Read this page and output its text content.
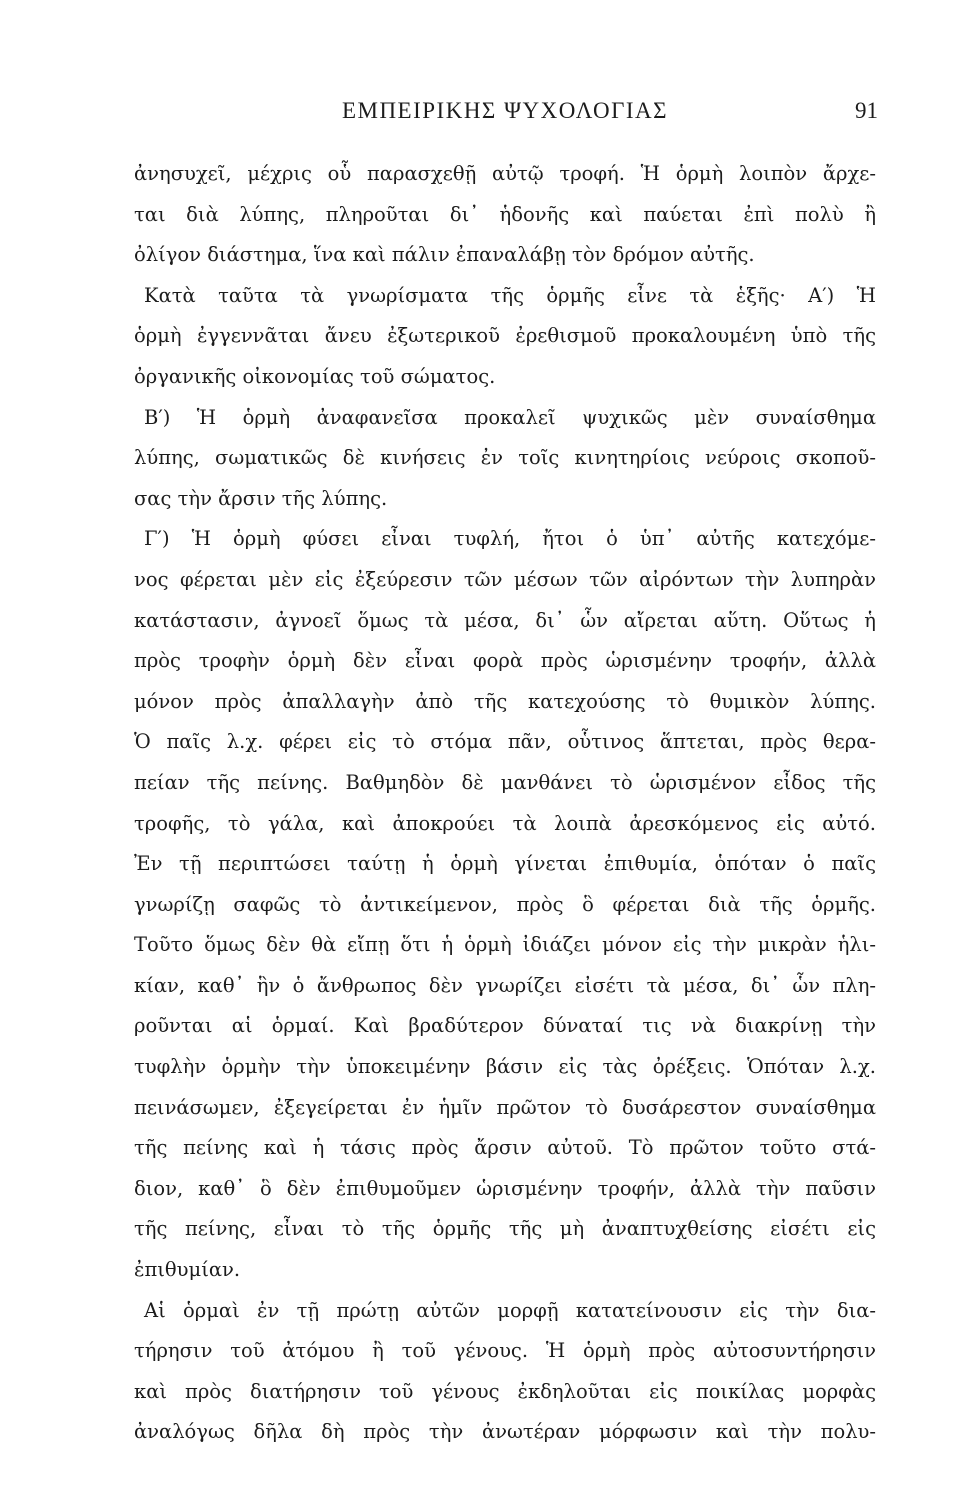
ΕΜΠΕΙΡΙΚΗΣ ΨΥΧΟΛΟΓΙΑΣ	91
ἀνησυχεῖ, μέχρις οὗ παρασχεθῇ αὐτῷ τροφή. Ἡ ὁρμὴ λοιπὸν ἄρχε-
ται διὰ λύπης, πληροῦται δι᾽ ἡδονῆς καὶ παύεται ἐπὶ πολὺ ἢ
ὀλίγον διάστημα, ἵνα καὶ πάλιν ἐπαναλάβῃ τὸν δρόμον αὐτῆς.
Κατὰ ταῦτα τὰ γνωρίσματα τῆς ὁρμῆς εἶνε τὰ ἑξῆς· Α′) Ἡ
ὁρμὴ ἐγγεννᾶται ἄνευ ἐξωτερικοῦ ἐρεθισμοῦ προκαλουμένη ὑπὸ τῆς
ὀργανικῆς οἰκονομίας τοῦ σώματος.
Β′) Ἡ ὁρμὴ ἀναφανεῖσα προκαλεῖ ψυχικῶς μὲν συναίσθημα
λύπης, σωματικῶς δὲ κινήσεις ἐν τοῖς κινητηρίοις νεύροις σκοποῦ-
σας τὴν ἄρσιν τῆς λύπης.
Γ′) Ἡ ὁρμὴ φύσει εἶναι τυφλή, ἤτοι ὁ ὑπ᾽ αὐτῆς κατεχόμε-
νος φέρεται μὲν εἰς ἐξεύρεσιν τῶν μέσων τῶν αἰρόντων τὴν λυπηρὰν
κατάστασιν, ἀγνοεῖ ὅμως τὰ μέσα, δι᾽ ὧν αἴρεται αὕτη. Οὕτως ἡ
πρὸς τροφὴν ὁρμὴ δὲν εἶναι φορὰ πρὸς ὡρισμένην τροφήν, ἀλλὰ
μόνον πρὸς ἀπαλλαγὴν ἀπὸ τῆς κατεχούσης τὸ θυμικὸν λύπης.
Ὁ παῖς λ.χ. φέρει εἰς τὸ στόμα πᾶν, οὗτινος ἅπτεται, πρὸς θερα-
πείαν τῆς πείνης. Βαθμηδὸν δὲ μανθάνει τὸ ὡρισμένον εἶδος τῆς
τροφῆς, τὸ γάλα, καὶ ἀποκρούει τὰ λοιπὰ ἀρεσκόμενος εἰς αὐτό.
Ἐν τῇ περιπτώσει ταύτῃ ἡ ὁρμὴ γίνεται ἐπιθυμία, ὁπόταν ὁ παῖς
γνωρίζῃ σαφῶς τὸ ἀντικείμενον, πρὸς ὃ φέρεται διὰ τῆς ὁρμῆς.
Τοῦτο ὅμως δὲν θὰ εἴπῃ ὅτι ἡ ὁρμὴ ἰδιάζει μόνον εἰς τὴν μικρὰν ἡλι-
κίαν, καθ᾽ ἣν ὁ ἄνθρωπος δὲν γνωρίζει εἰσέτι τὰ μέσα, δι᾽ ὧν πλη-
ροῦνται αἱ ὁρμαί. Καὶ βραδύτερον δύναταί τις νὰ διακρίνῃ τὴν
τυφλὴν ὁρμὴν τὴν ὑποκειμένην βάσιν εἰς τὰς ὀρέξεις. Ὁπόταν λ.χ.
πεινάσωμεν, ἐξεγείρεται ἐν ἡμῖν πρῶτον τὸ δυσάρεστον συναίσθημα
τῆς πείνης καὶ ἡ τάσις πρὸς ἄρσιν αὐτοῦ. Τὸ πρῶτον τοῦτο στά-
διον, καθ᾽ ὃ δὲν ἐπιθυμοῦμεν ὡρισμένην τροφήν, ἀλλὰ τὴν παῦσιν
τῆς πείνης, εἶναι τὸ τῆς ὁρμῆς τῆς μὴ ἀναπτυχθείσης εἰσέτι εἰς
ἐπιθυμίαν.
Αἱ ὁρμαὶ ἐν τῇ πρώτῃ αὐτῶν μορφῇ κατατείνουσιν εἰς τὴν δια-
τήρησιν τοῦ ἀτόμου ἢ τοῦ γένους. Ἡ ὁρμὴ πρὸς αὐτοσυντήρησιν
καὶ πρὸς διατήρησιν τοῦ γένους ἐκδηλοῦται εἰς ποικίλας μορφὰς
ἀναλόγως δῆλα δὴ πρὸς τὴν ἀνωτέραν μόρφωσιν καὶ τὴν πολυ-
